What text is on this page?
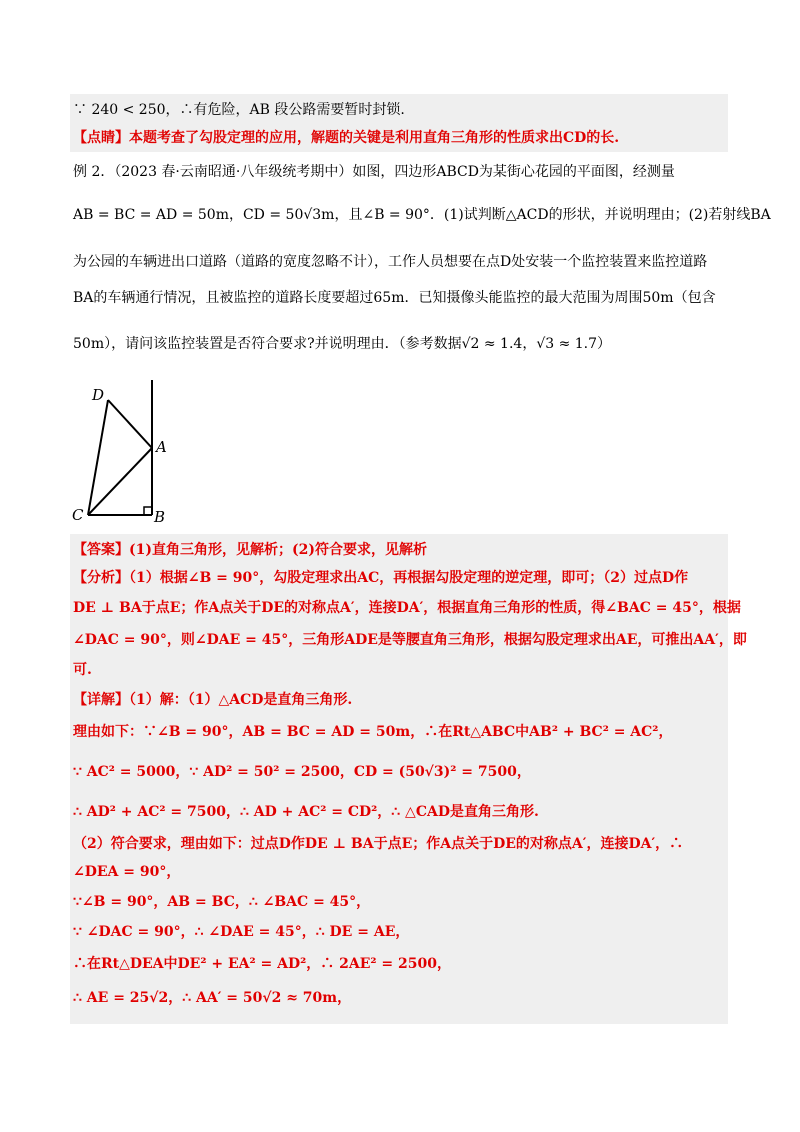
∵ 240 < 250，∴有危险，AB 段公路需要暂时封锁.
【点睛】本题考查了勾股定理的应用，解题的关键是利用直角三角形的性质求出CD的长.
例 2．（2023 春·云南昭通·八年级统考期中）如图，四边形ABCD为某街心花园的平面图，经测量
AB = BC = AD = 50m，CD = 50√3m，且∠B = 90°．(1)试判断△ACD的形状，并说明理由；(2)若射线BA
为公园的车辆进出口道路（道路的宽度忽略不计），工作人员想要在点D处安装一个监控装置来监控道路
BA的车辆通行情况，且被监控的道路长度要超过65m．已知摄像头能监控的最大范围为周围50m（包含
50m），请问该监控装置是否符合要求?并说明理由．（参考数据√2 ≈ 1.4，√3 ≈ 1.7）
D
A
C	B
【答案】(1)直角三角形，见解析；(2)符合要求，见解析
【分析】（1）根据∠B = 90°，勾股定理求出AC，再根据勾股定理的逆定理，即可；（2）过点D作
DE ⊥ BA于点E；作A点关于DE的对称点A′，连接DA′，根据直角三角形的性质，得∠BAC = 45°，根据
∠DAC = 90°，则∠DAE = 45°，三角形ADE是等腰直角三角形，根据勾股定理求出AE，可推出AA′，即
可.
【详解】（1）解：（1）△ACD是直角三角形.
理由如下：∵∠B = 90°，AB = BC = AD = 50m，∴在Rt△ABC中AB² + BC² = AC²，
∵ AC² = 5000，∵ AD² = 50² = 2500，CD = (50√3)² = 7500，
∴ AD² + AC² = 7500，∴ AD + AC² = CD²，∴ △CAD是直角三角形.
（2）符合要求，理由如下：过点D作DE ⊥ BA于点E；作A点关于DE的对称点A′，连接DA′，∴
∠DEA = 90°，
∵∠B = 90°，AB = BC，∴ ∠BAC = 45°，
∵ ∠DAC = 90°，∴ ∠DAE = 45°，∴ DE = AE，
∴在Rt△DEA中DE² + EA² = AD²，∴ 2AE² = 2500，
∴ AE = 25√2，∴ AA′ = 50√2 ≈ 70m，
